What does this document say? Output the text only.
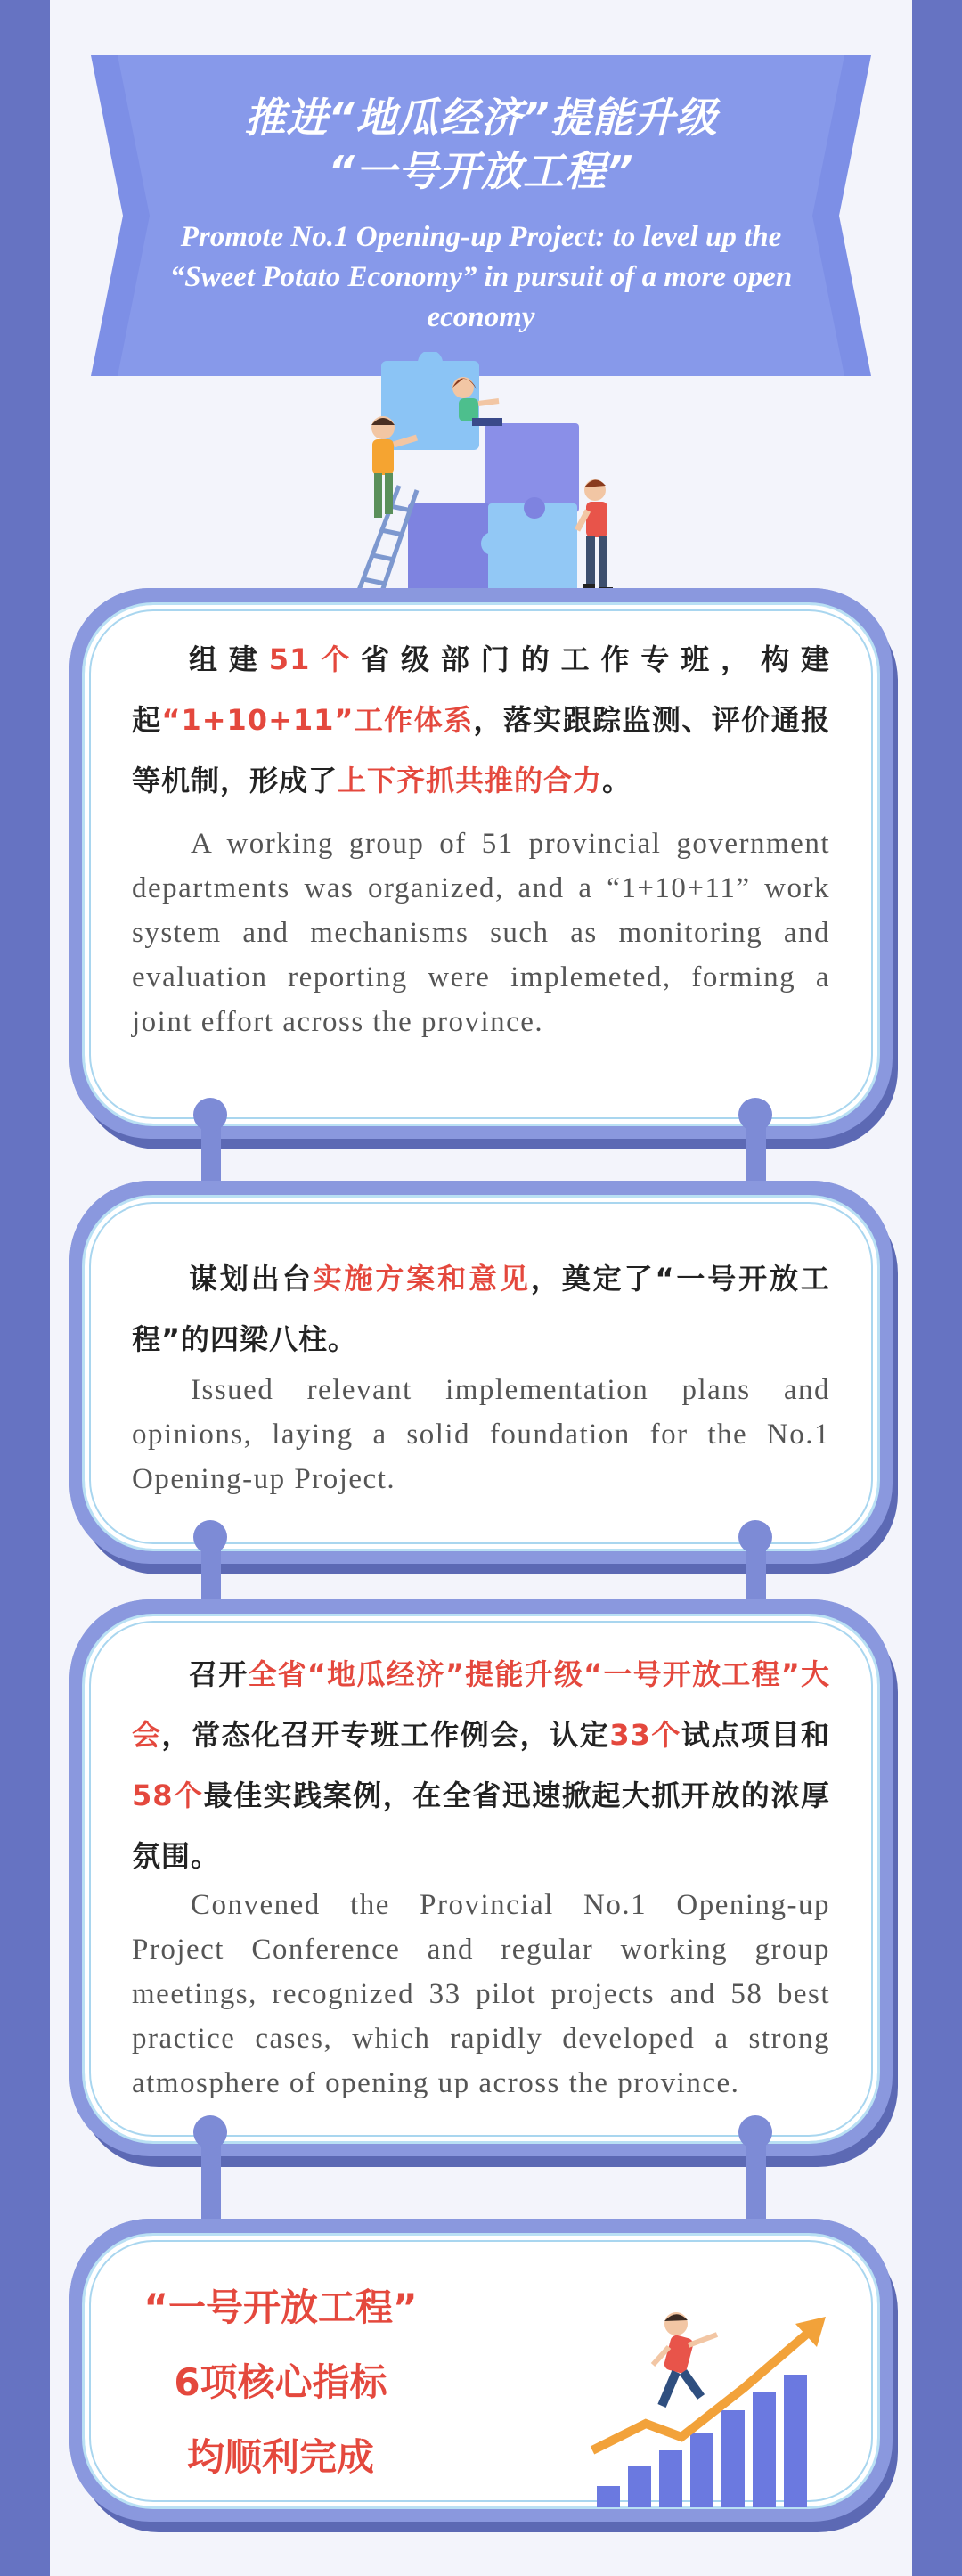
推进“地瓜经济”提能升级
“一号开放工程”
Promote No.1 Opening-up Project: to level up the “Sweet Potato Economy” in pursuit of a more open economy
组建51个省级部门的工作专班，构建起“1+10+11”工作体系，落实跟踪监测、评价通报等机制，形成了上下齐抓共推的合力。
A working group of 51 provincial government departments was organized, and a “1+10+11” work system and mechanisms such as monitoring and evaluation reporting were implemeted, forming a joint effort across the province.
谋划出台实施方案和意见，奠定了“一号开放工程”的四梁八柱。
Issued relevant implementation plans and opinions, laying a solid foundation for the No.1 Opening-up Project.
召开全省“地瓜经济”提能升级“一号开放工程”大会，常态化召开专班工作例会，认定33个试点项目和58个最佳实践案例，在全省迅速掀起大抓开放的浓厚氛围。
Convened the Provincial No.1 Opening-up Project Conference and regular working group meetings, recognized 33 pilot projects and 58 best practice cases, which rapidly developed a strong atmosphere of opening up across the province.
“一号开放工程”
6项核心指标
均顺利完成
